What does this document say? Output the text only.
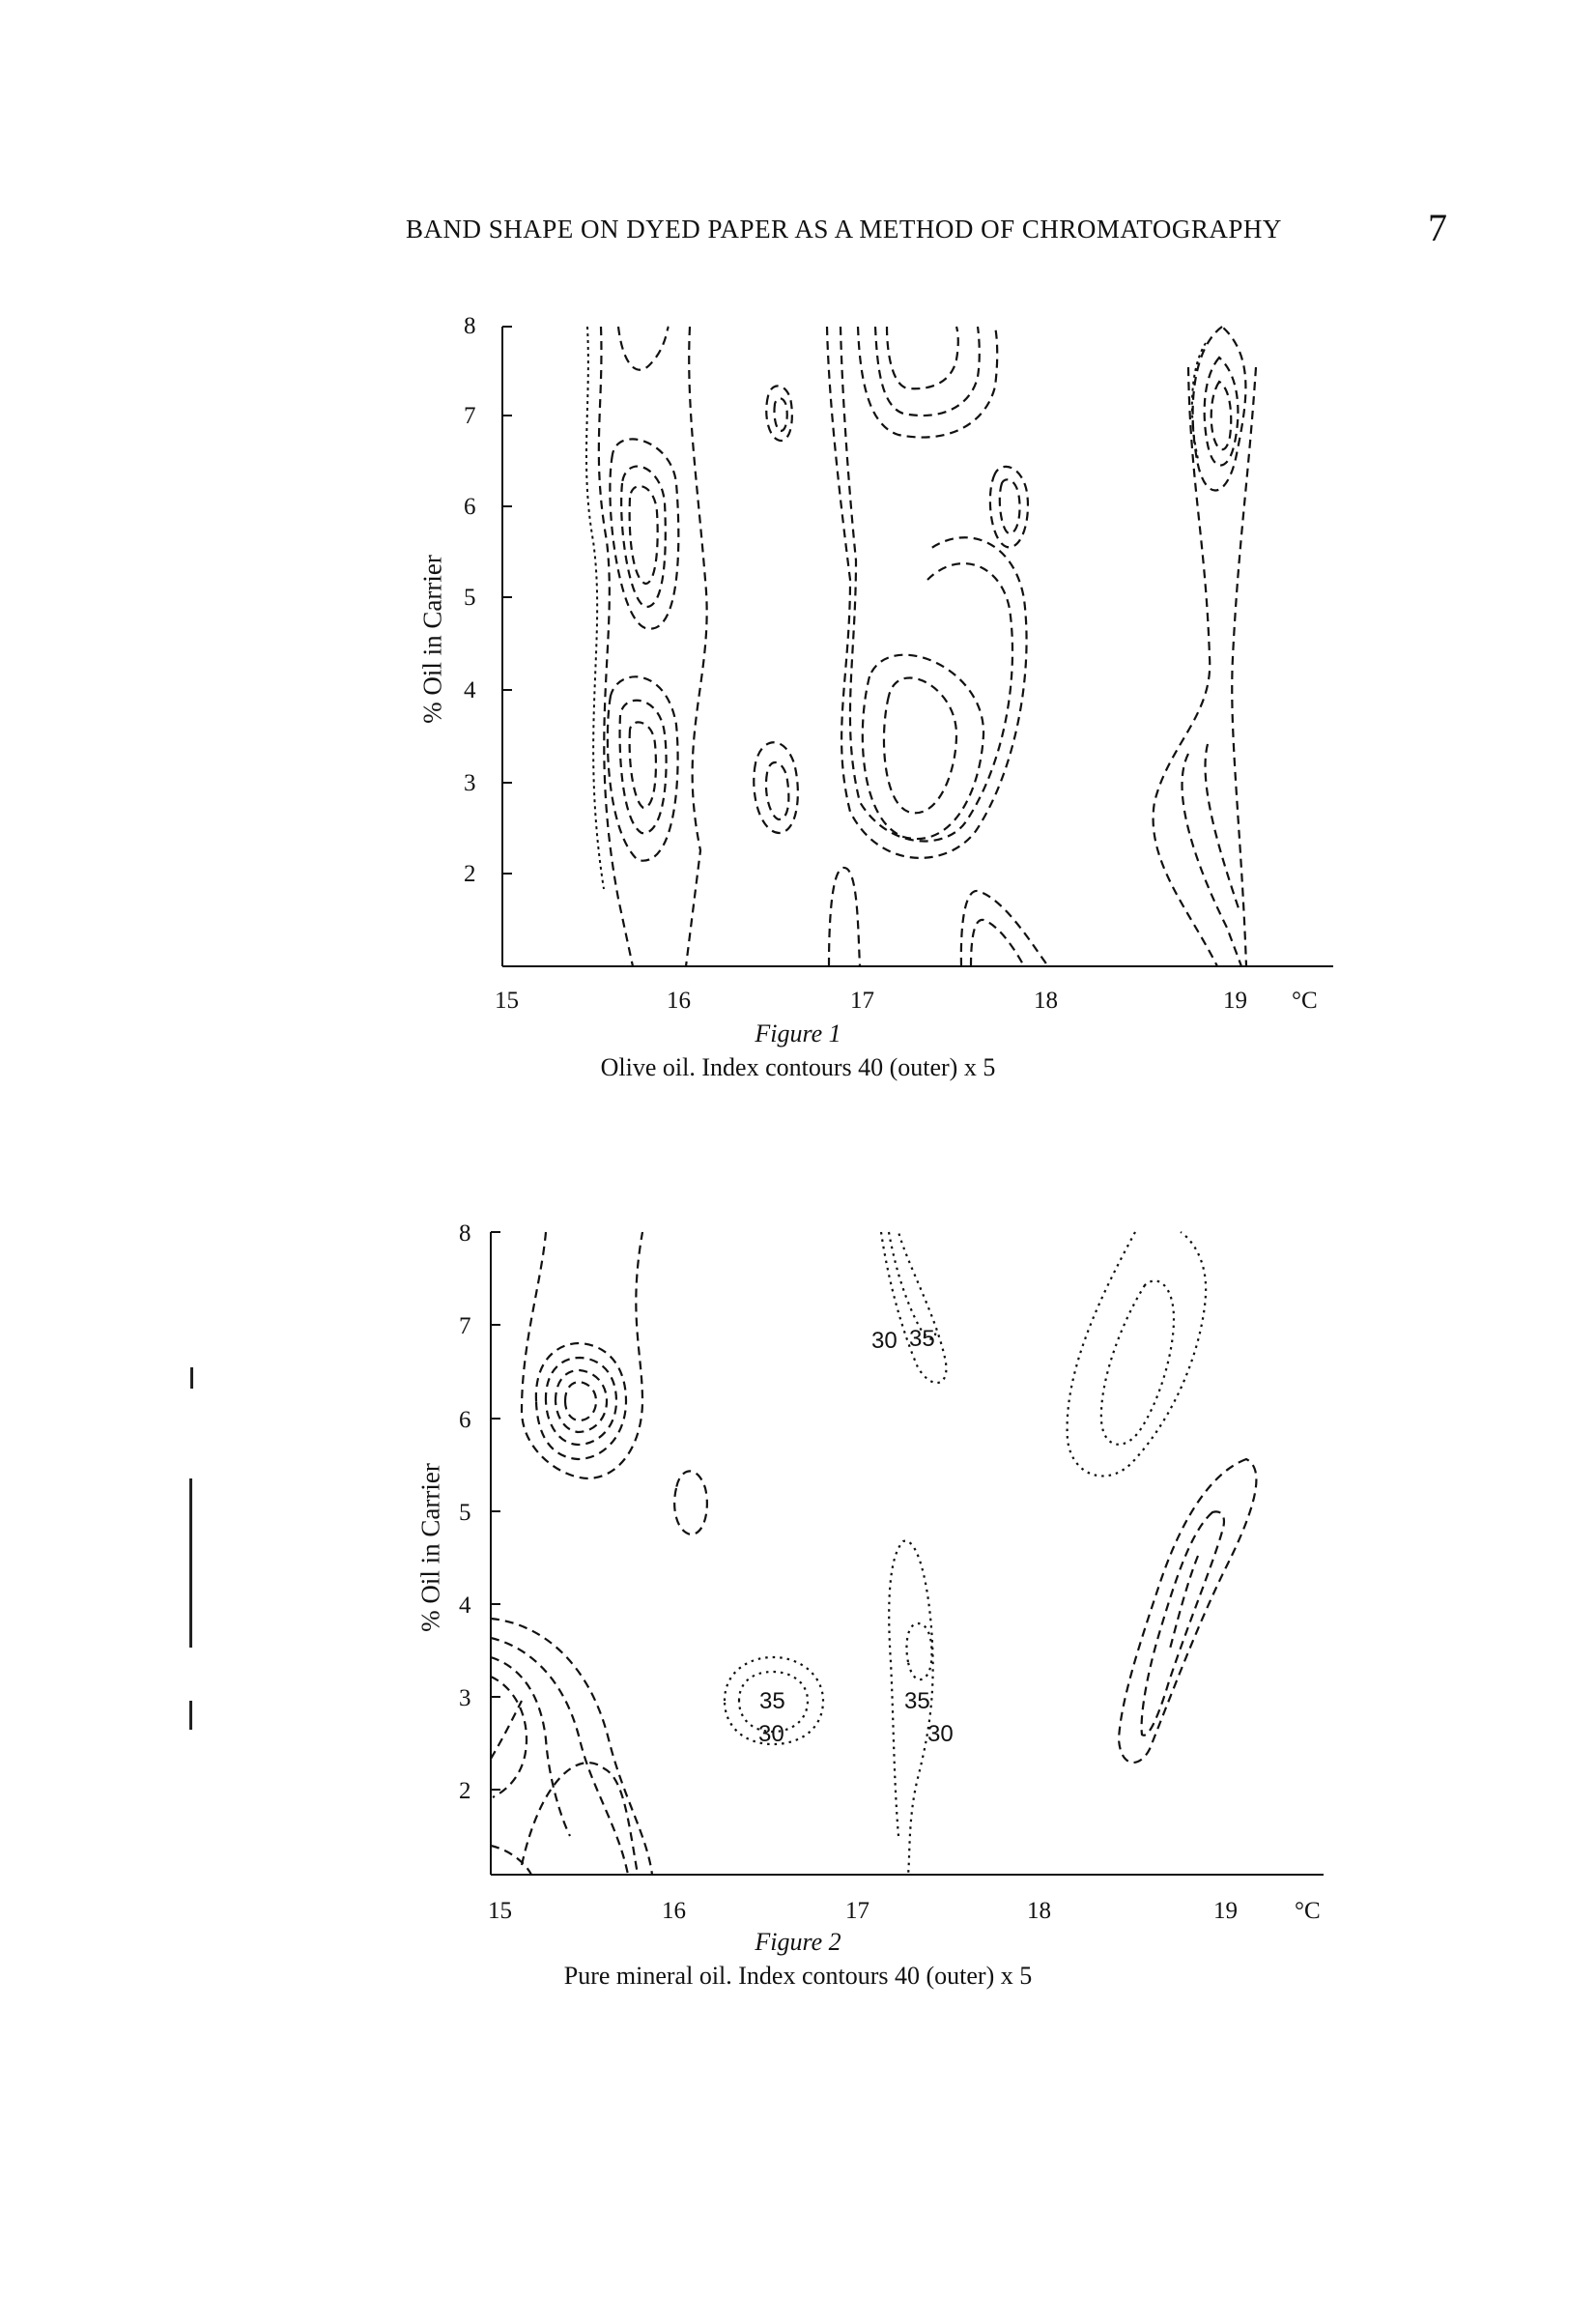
BAND SHAPE ON DYED PAPER AS A METHOD OF CHROMATOGRAPHY	7
% Oil in Carrier
8
7
6
5
4
3
2
15	16	17	18	19 °C
Figure 1
Olive oil. Index contours 40 (outer) x 5
% Oil in Carrier
8
7
6
5
4
3
2
15	16	17	18	19 °C
30 35
35
30
35
30
Figure 2
Pure mineral oil. Index contours 40 (outer) x 5
